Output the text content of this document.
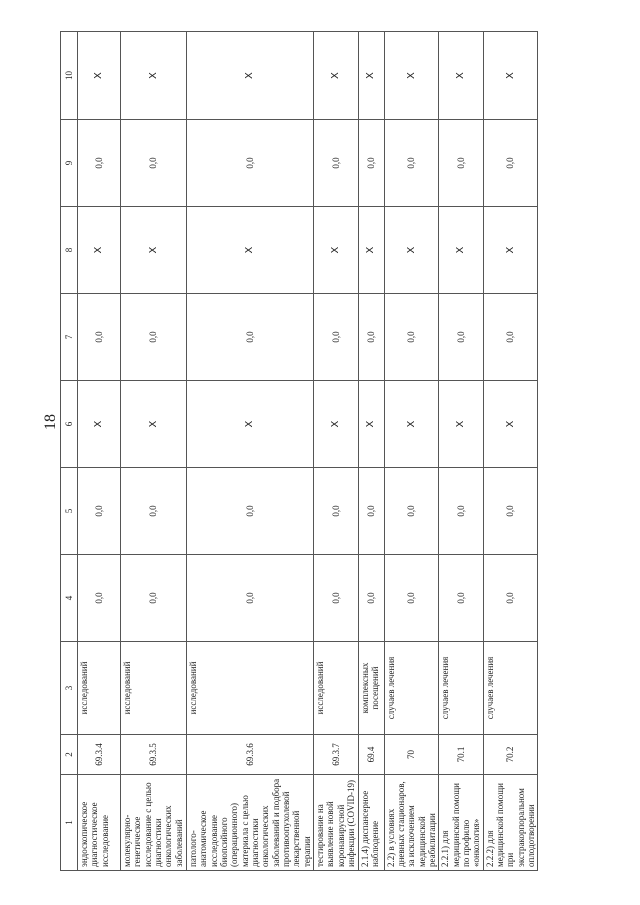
18
1	2	3	4	5	6	7	8	9	10
эндоскопическое диагностическое исследование	69.3.4	исследований	0,0	0,0	X	0,0	X	0,0	X
молекулярно-генетическое исследование с целью диагностики онкологических заболеваний	69.3.5	исследований	0,0	0,0	X	0,0	X	0,0	X
патолого-анатомическое исследование биопсийного (операционного) материала с целью диагностики онкологических заболеваний и подбора противоопухолевой лекарственной терапии	69.3.6	исследований	0,0	0,0	X	0,0	X	0,0	X
тестирование на выявление новой коронавирусной инфекции (COVID-19)	69.3.7	исследований	0,0	0,0	X	0,0	X	0,0	X
2.1.4) диспансерное наблюдение	69.4	комплексных посещений	0,0	0,0	X	0,0	X	0,0	X
2.2) в условиях дневных стационаров, за исключением медицинской реабилитации	70	случаев лечения	0,0	0,0	X	0,0	X	0,0	X
2.2.1) для медицинской помощи по профилю «онкология»	70.1	случаев лечения	0,0	0,0	X	0,0	X	0,0	X
2.2.2) для медицинской помощи при экстракорпоральном оплодотворении	70.2	случаев лечения	0,0	0,0	X	0,0	X	0,0	X
